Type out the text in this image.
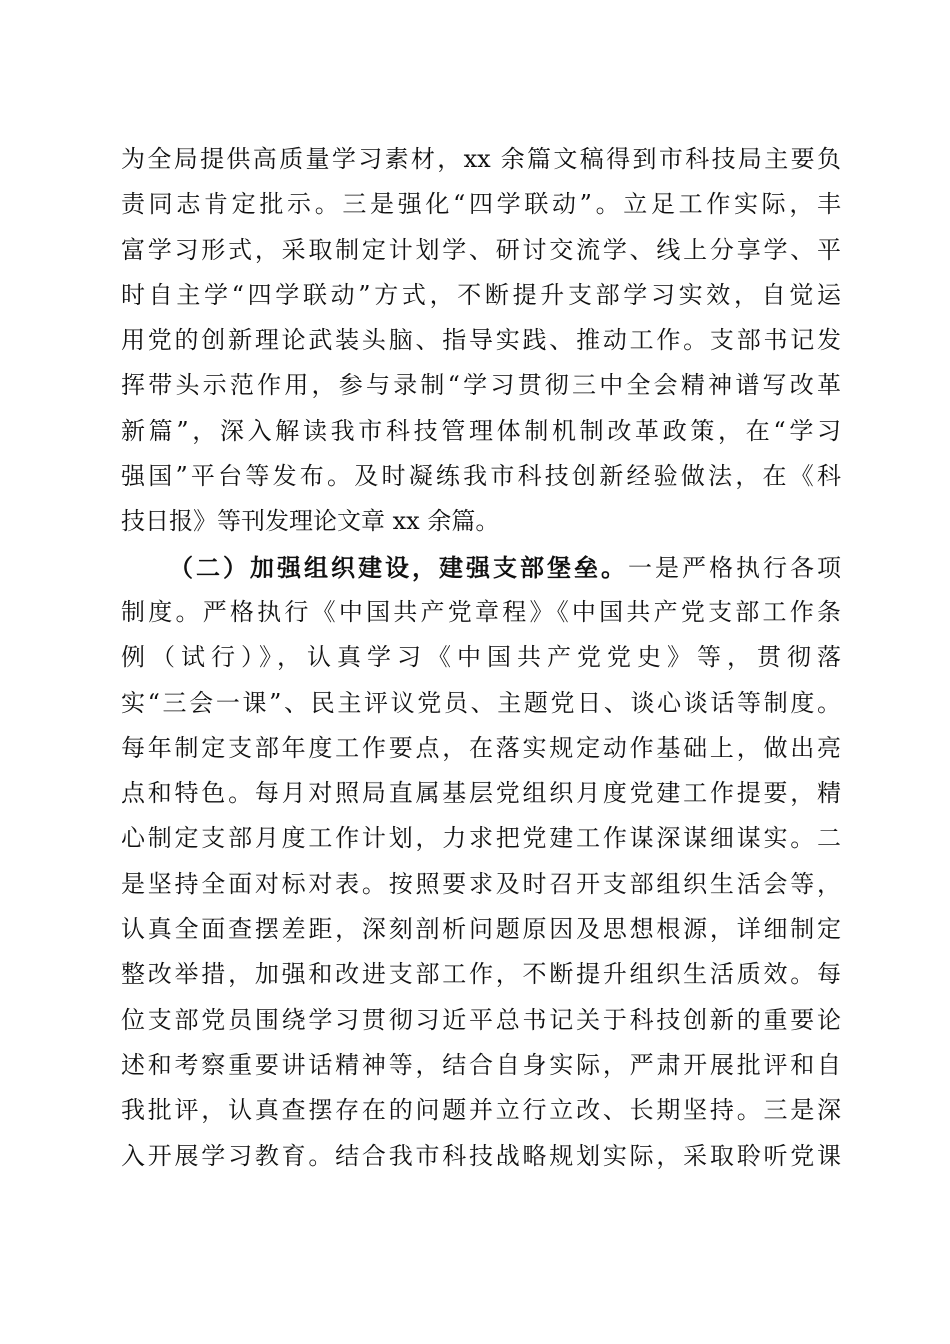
为全局提供高质量学习素材，xx 余篇文稿得到市科技局主要负
责同志肯定批示。三是强化“四学联动”。立足工作实际，丰
富学习形式，采取制定计划学、研讨交流学、线上分享学、平
时自主学“四学联动”方式，不断提升支部学习实效，自觉运
用党的创新理论武装头脑、指导实践、推动工作。支部书记发
挥带头示范作用，参与录制“学习贯彻三中全会精神谱写改革
新篇”，深入解读我市科技管理体制机制改革政策，在“学习
强国”平台等发布。及时凝练我市科技创新经验做法，在《科
技日报》等刊发理论文章 xx 余篇。
（二）加强组织建设，建强支部堡垒。一是严格执行各项
制度。严格执行《中国共产党章程》《中国共产党支部工作条
例（试行）》，认真学习《中国共产党党史》等，贯彻落
实“三会一课”、民主评议党员、主题党日、谈心谈话等制度。
每年制定支部年度工作要点，在落实规定动作基础上，做出亮
点和特色。每月对照局直属基层党组织月度党建工作提要，精
心制定支部月度工作计划，力求把党建工作谋深谋细谋实。二
是坚持全面对标对表。按照要求及时召开支部组织生活会等，
认真全面查摆差距，深刻剖析问题原因及思想根源，详细制定
整改举措，加强和改进支部工作，不断提升组织生活质效。每
位支部党员围绕学习贯彻习近平总书记关于科技创新的重要论
述和考察重要讲话精神等，结合自身实际，严肃开展批评和自
我批评，认真查摆存在的问题并立行立改、长期坚持。三是深
入开展学习教育。结合我市科技战略规划实际，采取聆听党课
